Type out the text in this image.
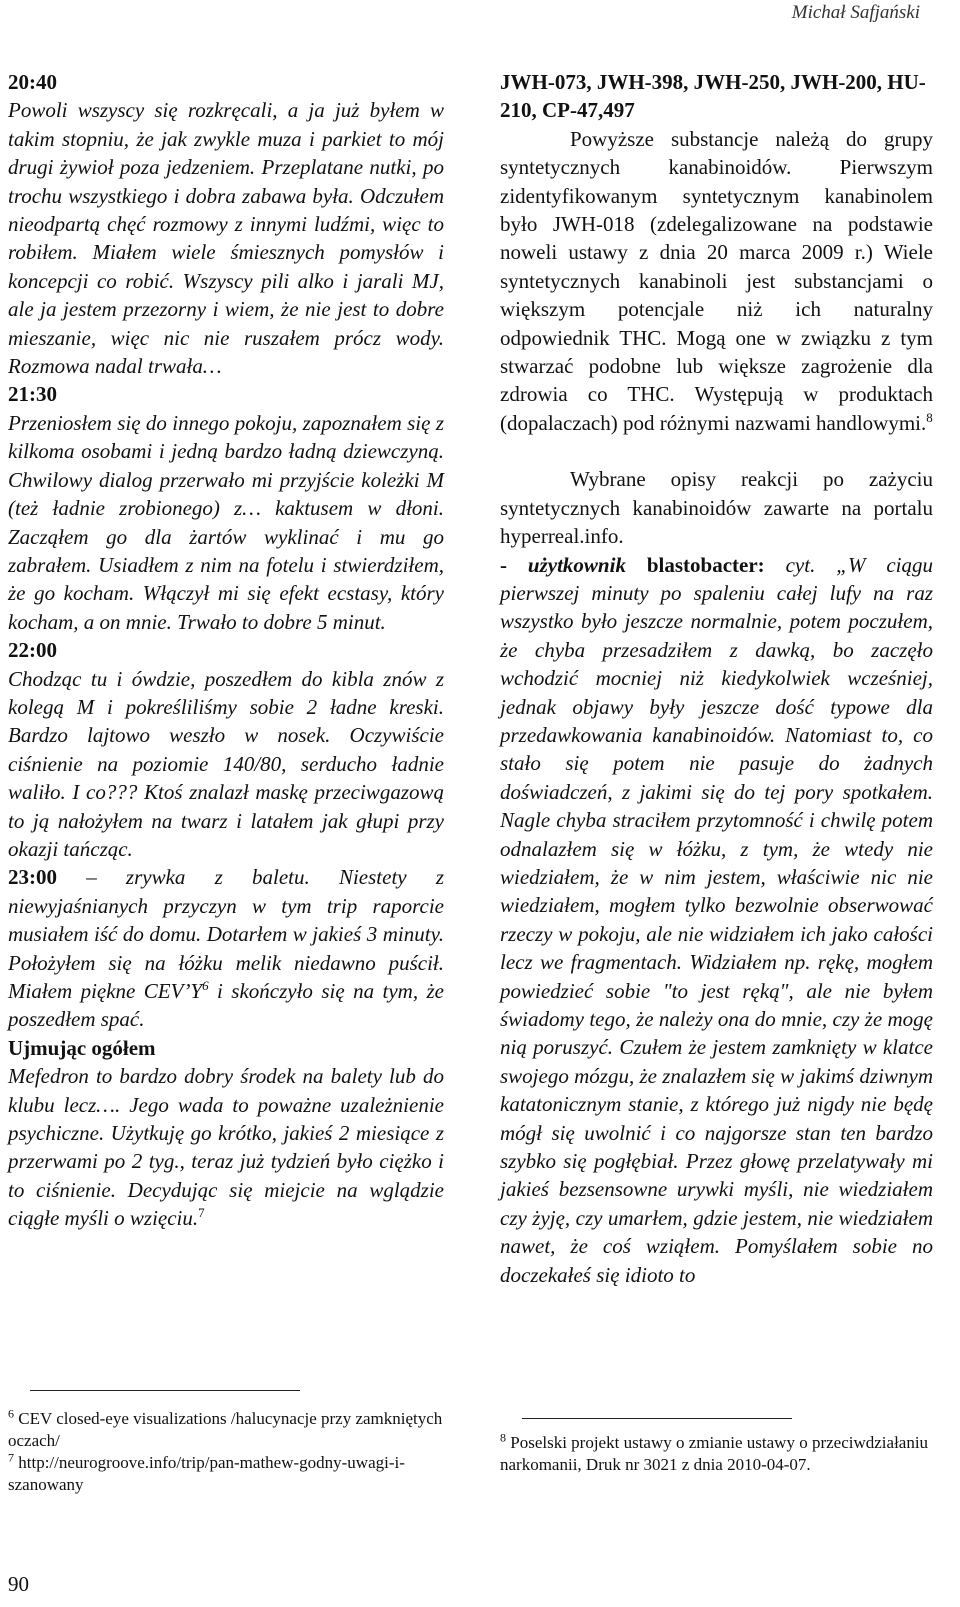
Michał Safjański

20:40

Powoli wszyscy się rozkręcali, a ja już byłem w takim stopniu, że jak zwykle muza i parkiet to mój drugi żywioł poza jedzeniem. Przeplatane nutki, po trochu wszystkiego i dobra zabawa była. Odczułem nieodpartą chęć rozmowy z innymi ludźmi, więc to robiłem. Miałem wiele śmiesznych pomysłów i koncepcji co robić. Wszyscy pili alko i jarali MJ, ale ja jestem przezorny i wiem, że nie jest to dobre mieszanie, więc nic nie ruszałem prócz wody. Rozmowa nadal trwała…

21:30

Przeniosłem się do innego pokoju, zapoznałem się z kilkoma osobami i jedną bardzo ładną dziewczyną. Chwilowy dialog przerwało mi przyjście koleżki M (też ładnie zrobionego) z… kaktusem w dłoni. Zacząłem go dla żartów wyklinać i mu go zabrałem. Usiadłem z nim na fotelu i stwierdziłem, że go kocham. Włączył mi się efekt ecstasy, który kocham, a on mnie. Trwało to dobre 5 minut.

22:00

Chodząc tu i ówdzie, poszedłem do kibla znów z kolegą M i pokreśliliśmy sobie 2 ładne kreski. Bardzo lajtowo weszło w nosek. Oczywiście ciśnienie na poziomie 140/80, serducho ładnie waliło. I co??? Ktoś znalazł maskę przeciwgazową to ją nałożyłem na twarz i latałem jak głupi przy okazji tańcząc.

23:00 – zrywka z baletu. Niestety z niewyjaśnianych przyczyn w tym trip raporcie musiałem iść do domu. Dotarłem w jakieś 3 minuty. Położyłem się na łóżku melik niedawno puścił. Miałem piękne $CEV’Y^6$ i skończyło się na tym, że poszedłem spać.

Ujmując ogółem

Mefedron to bardzo dobry środek na balety lub do klubu lecz…. Jego wada to poważne uzależnienie psychiczne. Użytkuję go krótko, jakieś 2 miesiące z przerwami po 2 tyg., teraz już tydzień było ciężko i to ciśnienie. Decydując się miejcie na wglądzie ciągłe myśli o wzięciu.$^7$

$^6$ CEV closed-eye visualizations /halucynacje przy zamkniętych oczach/

$^7$ http://neurogroove.info/trip/pan-mathew-godny-uwagi-i-szanowany

JWH-073, JWH-398, JWH-250, JWH-200, HU-210, CP-47,497

Powyższe substancje należą do grupy syntetycznych kanabinoidów. Pierwszym zidentyfikowanym syntetycznym kanabinolem było JWH-018 (zdelegalizowane na podstawie noweli ustawy z dnia 20 marca 2009 r.) Wiele syntetycznych kanabinoli jest substancjami o większym potencjale niż ich naturalny odpowiednik THC. Mogą one w związku z tym stwarzać podobne lub większe zagrożenie dla zdrowia co THC. Występują w produktach (dopalaczach) pod różnymi nazwami handlowymi.$^8$

Wybrane opisy reakcji po zażyciu syntetycznych kanabinoidów zawarte na portalu hyperreal.info.

- użytkownik blastobacter: cyt. „W ciągu pierwszej minuty po spaleniu całej lufy na raz wszystko było jeszcze normalnie, potem poczułem, że chyba przesadziłem z dawką, bo zaczęło wchodzić mocniej niż kiedykolwiek wcześniej, jednak objawy były jeszcze dość typowe dla przedawkowania kanabinoidów. Natomiast to, co stało się potem nie pasuje do żadnych doświadczeń, z jakimi się do tej pory spotkałem. Nagle chyba straciłem przytomność i chwilę potem odnalazłem się w łóżku, z tym, że wtedy nie wiedziałem, że w nim jestem, właściwie nic nie wiedziałem, mogłem tylko bezwolnie obserwować rzeczy w pokoju, ale nie widziałem ich jako całości lecz we fragmentach. Widziałem np. rękę, mogłem powiedzieć sobie "to jest ręką", ale nie byłem świadomy tego, że należy ona do mnie, czy że mogę nią poruszyć. Czułem że jestem zamknięty w klatce swojego mózgu, że znalazłem się w jakimś dziwnym katatonicznym stanie, z którego już nigdy nie będę mógł się uwolnić i co najgorsze stan ten bardzo szybko się pogłębiał. Przez głowę przelatywały mi jakieś bezsensowne urywki myśli, nie wiedziałem czy żyję, czy umarłem, gdzie jestem, nie wiedziałem nawet, że coś wziąłem. Pomyślałem sobie no doczekałeś się idioto to

$^8$ Poselski projekt ustawy o zmianie ustawy o przeciwdziałaniu narkomanii, Druk nr 3021 z dnia 2010-04-07.

90
